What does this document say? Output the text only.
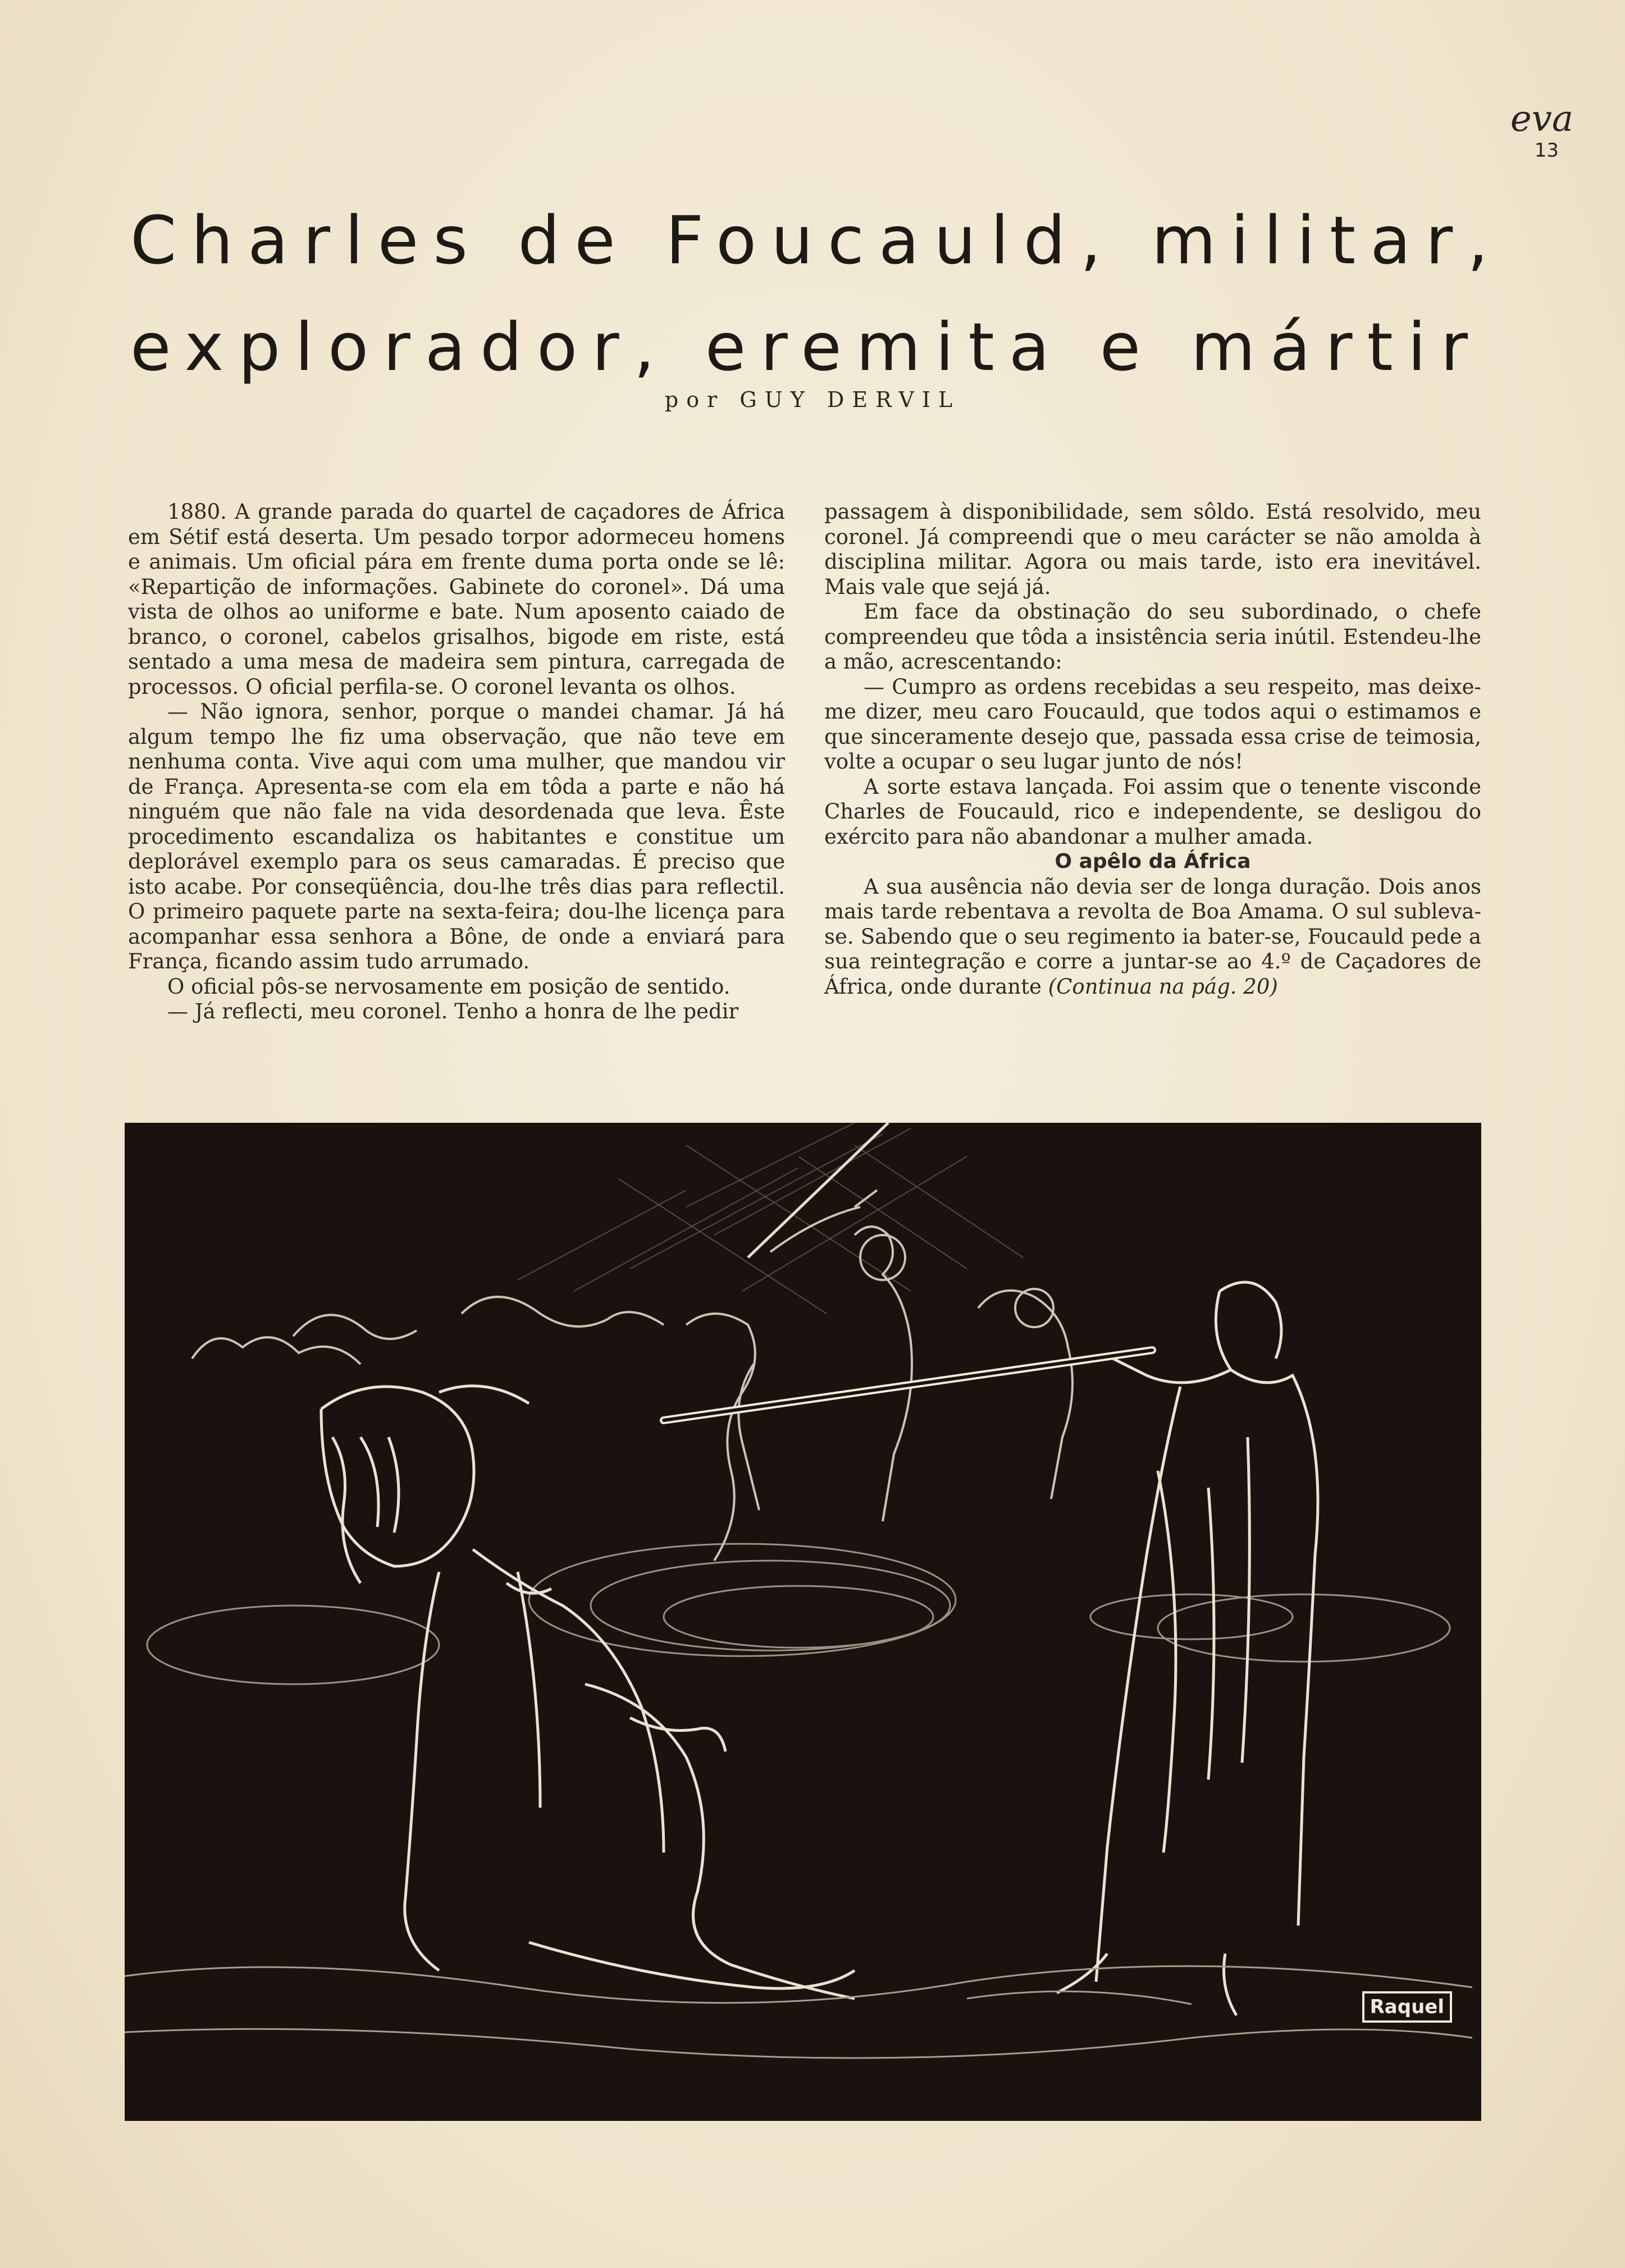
eva
13
Charles de Foucauld, militar,
explorador, eremita e mártir
por GUY DERVIL

1880. A grande parada do quartel de caçadores de África em Sétif está deserta. Um pesado torpor adormeceu homens e animais. Um oficial pára em frente duma porta onde se lê: «Repartição de informações. Gabinete do coronel». Dá uma vista de olhos ao uniforme e bate. Num aposento caiado de branco, o coronel, cabelos grisalhos, bigode em riste, está sentado a uma mesa de madeira sem pintura, carregada de processos. O oficial perfila-se. O coronel levanta os olhos.

— Não ignora, senhor, porque o mandei chamar. Já há algum tempo lhe fiz uma observação, que não teve em nenhuma conta. Vive aqui com uma mulher, que mandou vir de França. Apresenta-se com ela em tôda a parte e não há ninguém que não fale na vida desordenada que leva. Êste procedimento escandaliza os habitantes e constitue um deplorável exemplo para os seus camaradas. É preciso que isto acabe. Por conseqüência, dou-lhe três dias para reflectil. O primeiro paquete parte na sexta-feira; dou-lhe licença para acompanhar essa senhora a Bône, de onde a enviará para França, ficando assim tudo arrumado.

O oficial pôs-se nervosamente em posição de sentido.

— Já reflecti, meu coronel. Tenho a honra de lhe pedir

passagem à disponibilidade, sem sôldo. Está resolvido, meu coronel. Já compreendi que o meu carácter se não amolda à disciplina militar. Agora ou mais tarde, isto era inevitável. Mais vale que sejá já.

Em face da obstinação do seu subordinado, o chefe compreendeu que tôda a insistência seria inútil. Estendeu-lhe a mão, acrescentando:

— Cumpro as ordens recebidas a seu respeito, mas deixe-me dizer, meu caro Foucauld, que todos aqui o estimamos e que sinceramente desejo que, passada essa crise de teimosia, volte a ocupar o seu lugar junto de nós!

A sorte estava lançada. Foi assim que o tenente visconde Charles de Foucauld, rico e independente, se desligou do exército para não abandonar a mulher amada.

O apêlo da África

A sua ausência não devia ser de longa duração. Dois anos mais tarde rebentava a revolta de Boa Amama. O sul subleva-se. Sabendo que o seu regimento ia bater-se, Foucauld pede a sua reintegração e corre a juntar-se ao 4.º de Caçadores de África, onde durante (Continua na pág. 20)

Raquel
